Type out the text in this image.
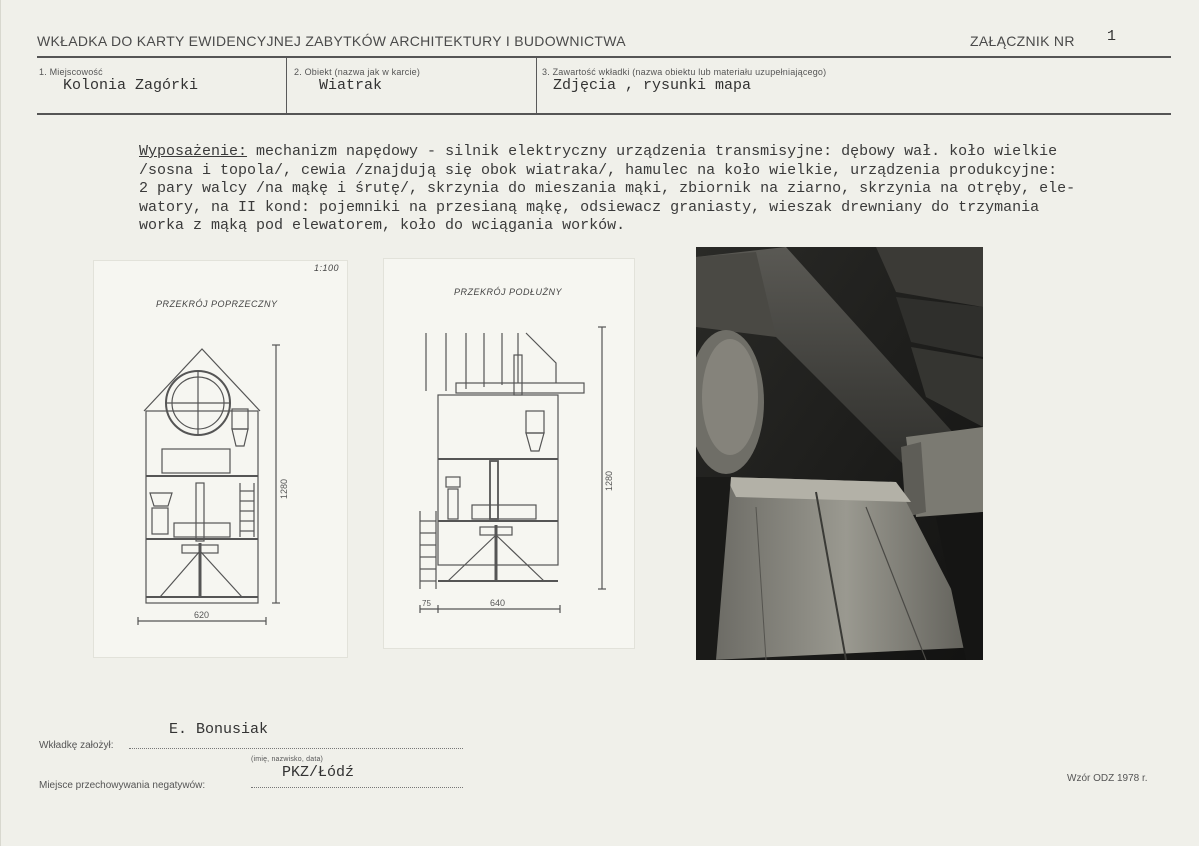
WKŁADKA DO KARTY EWIDENCYJNEJ ZABYTKÓW ARCHITEKTURY I BUDOWNICTWA	ZAŁĄCZNIK NR 1
1. Miejscowość
Kolonia Zagórki
2. Obiekt (nazwa jak w karcie)
Wiatrak
3. Zawartość wkładki (nazwa obiektu lub materiału uzupełniającego)
Zdjęcia , rysunki mapa
Wyposażenie: mechanizm napędowy - silnik elektryczny urządzenia transmisyjne: dębowy wał. koło wielkie
/sosna i topola/, cewia /znajdują się obok wiatraka/, hamulec na koło wielkie, urządzenia produkcyjne:
2 pary walcy /na mąkę i śrutę/, skrzynia do mieszania mąki, zbiornik na ziarno, skrzynia na otręby, ele-
watory, na II kond: pojemniki na przesianą mąkę, odsiewacz graniasty, wieszak drewniany do trzymania
worka z mąką pod elewatorem, koło do wciągania worków.
1:100
PRZEKRÓJ POPRZECZNY
1280
620
PRZEKRÓJ PODŁUŻNY
1280
640
75
E. Bonusiak
Wkładkę założył:
(imię, nazwisko, data)
PKZ/Łódź
Miejsce przechowywania negatywów:
Wzór ODZ 1978 r.
